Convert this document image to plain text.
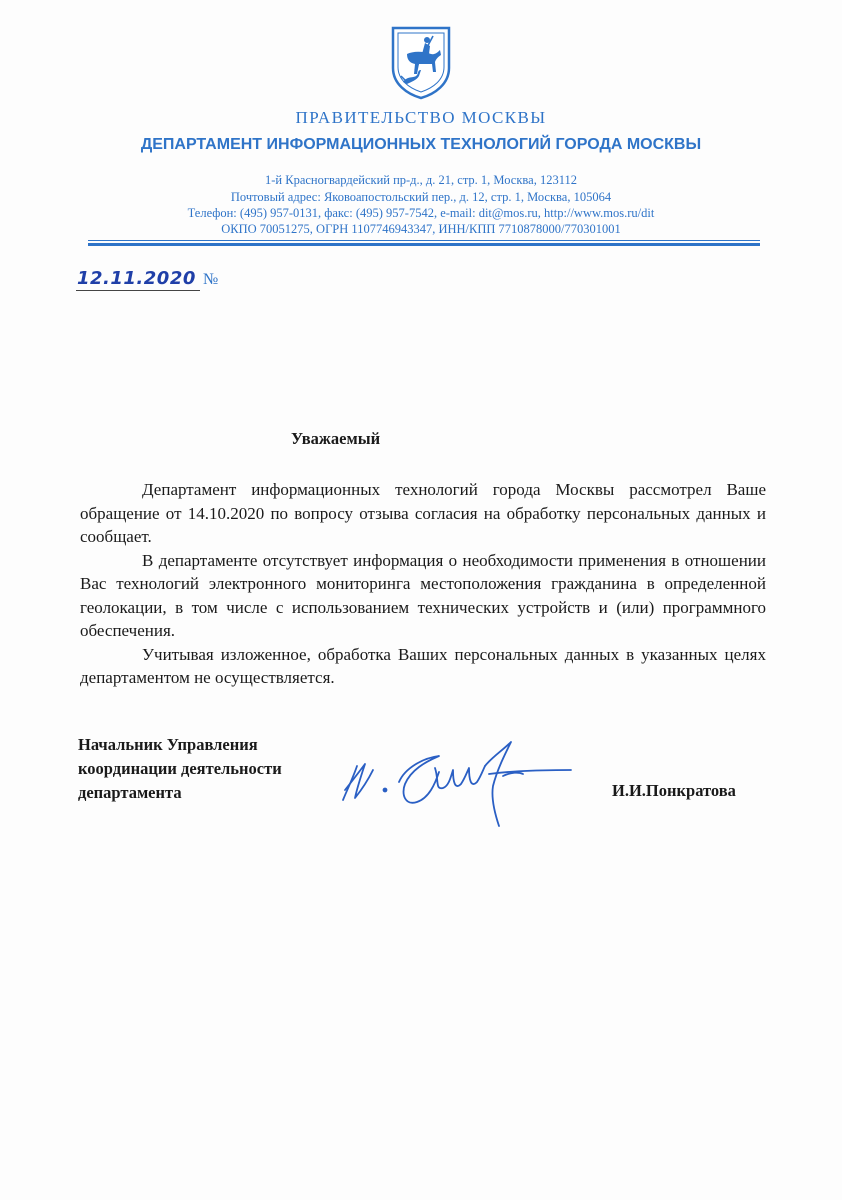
ПРАВИТЕЛЬСТВО МОСКВЫ
ДЕПАРТАМЕНТ ИНФОРМАЦИОННЫХ ТЕХНОЛОГИЙ ГОРОДА МОСКВЫ
1-й Красногвардейский пр-д., д. 21, стр. 1, Москва, 123112
Почтовый адрес: Яковоапостольский пер., д. 12, стр. 1, Москва, 105064
Телефон: (495) 957-0131, факс: (495) 957-7542, e-mail: dit@mos.ru, http://www.mos.ru/dit
ОКПО 70051275, ОГРН 1107746943347, ИНН/КПП 7710878000/770301001
12.11.2020 №
Уважаемый

Департамент информационных технологий города Москвы рассмотрел Ваше обращение от 14.10.2020 по вопросу отзыва согласия на обработку персональных данных и сообщает.

В департаменте отсутствует информация о необходимости применения в отношении Вас технологий электронного мониторинга местоположения гражданина в определенной геолокации, в том числе с использованием технических устройств и (или) программного обеспечения.

Учитывая изложенное, обработка Ваших персональных данных в указанных целях департаментом не осуществляется.

Начальник Управления
координации деятельности
департамента	И.И.Понкратова
